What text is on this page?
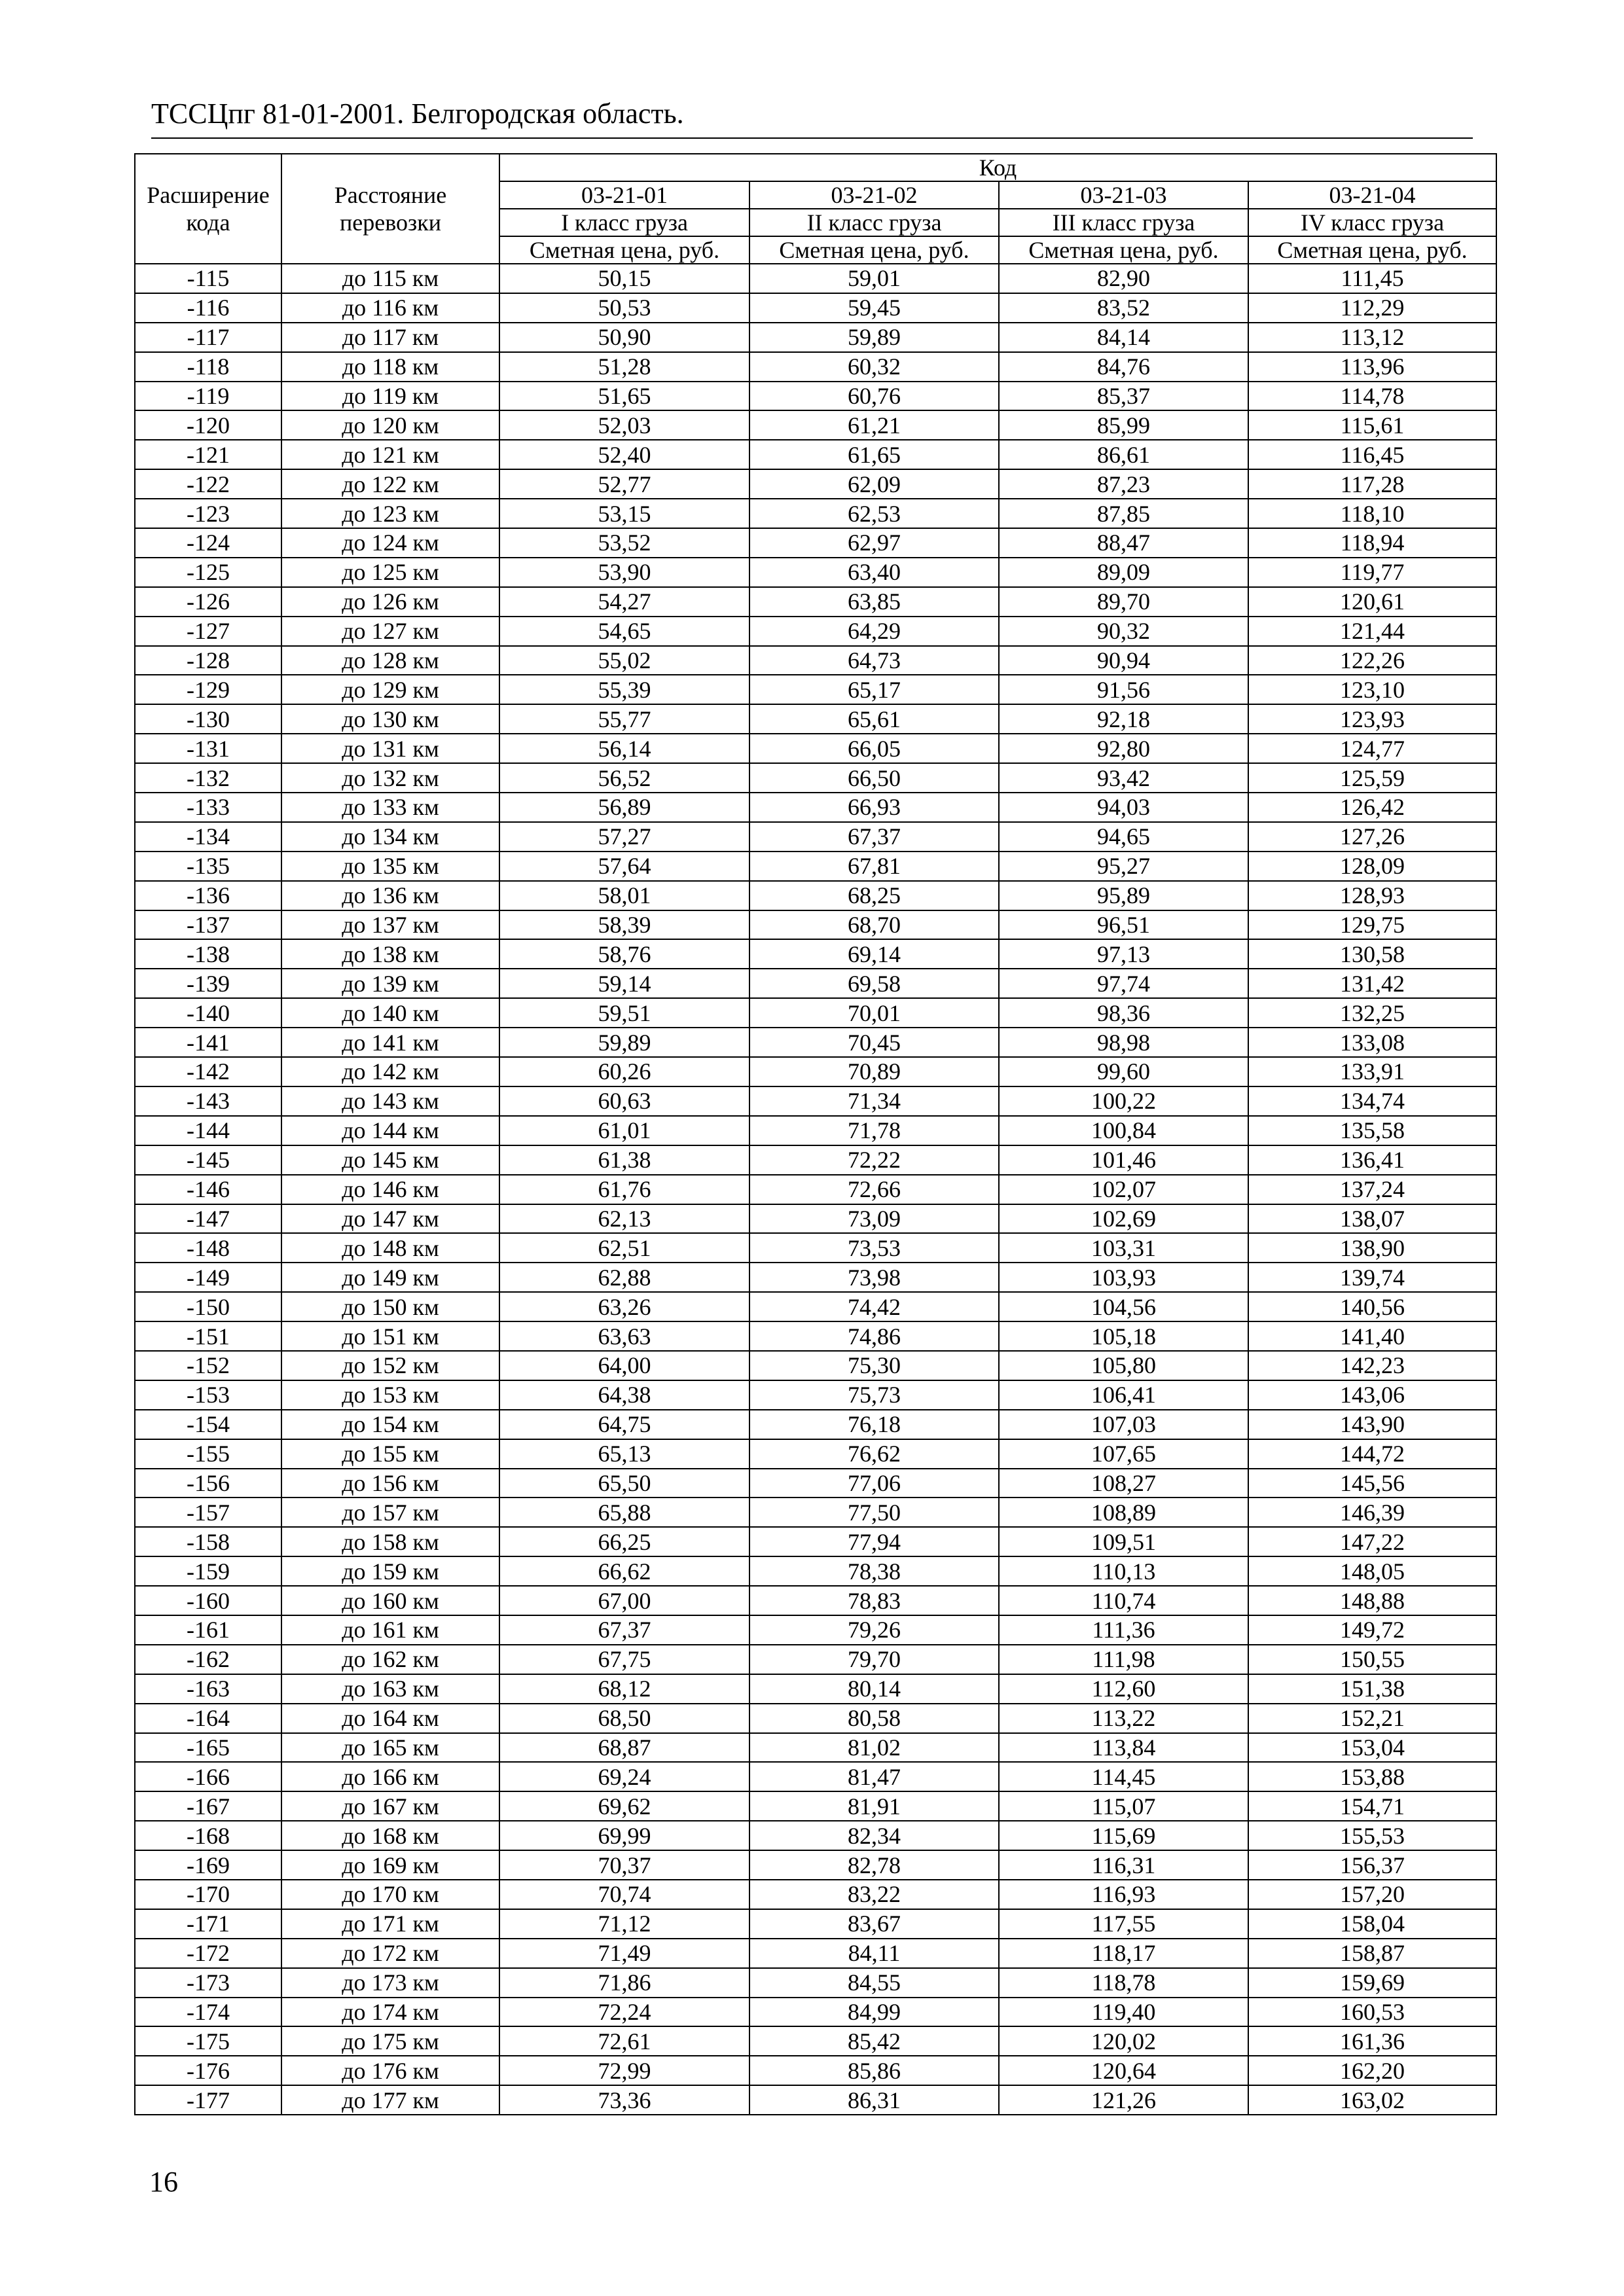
ТССЦпг 81-01-2001. Белгородская область.
Расширение кода	Расстояние перевозки	Код			
		03-21-01	03-21-02	03-21-03	03-21-04
		I класс груза	II класс груза	III класс груза	IV класс груза
		Сметная цена, руб.	Сметная цена, руб.	Сметная цена, руб.	Сметная цена, руб.
-115	до 115 км	50,15	59,01	82,90	111,45
-116	до 116 км	50,53	59,45	83,52	112,29
-117	до 117 км	50,90	59,89	84,14	113,12
-118	до 118 км	51,28	60,32	84,76	113,96
-119	до 119 км	51,65	60,76	85,37	114,78
-120	до 120 км	52,03	61,21	85,99	115,61
-121	до 121 км	52,40	61,65	86,61	116,45
-122	до 122 км	52,77	62,09	87,23	117,28
-123	до 123 км	53,15	62,53	87,85	118,10
-124	до 124 км	53,52	62,97	88,47	118,94
-125	до 125 км	53,90	63,40	89,09	119,77
-126	до 126 км	54,27	63,85	89,70	120,61
-127	до 127 км	54,65	64,29	90,32	121,44
-128	до 128 км	55,02	64,73	90,94	122,26
-129	до 129 км	55,39	65,17	91,56	123,10
-130	до 130 км	55,77	65,61	92,18	123,93
-131	до 131 км	56,14	66,05	92,80	124,77
-132	до 132 км	56,52	66,50	93,42	125,59
-133	до 133 км	56,89	66,93	94,03	126,42
-134	до 134 км	57,27	67,37	94,65	127,26
-135	до 135 км	57,64	67,81	95,27	128,09
-136	до 136 км	58,01	68,25	95,89	128,93
-137	до 137 км	58,39	68,70	96,51	129,75
-138	до 138 км	58,76	69,14	97,13	130,58
-139	до 139 км	59,14	69,58	97,74	131,42
-140	до 140 км	59,51	70,01	98,36	132,25
-141	до 141 км	59,89	70,45	98,98	133,08
-142	до 142 км	60,26	70,89	99,60	133,91
-143	до 143 км	60,63	71,34	100,22	134,74
-144	до 144 км	61,01	71,78	100,84	135,58
-145	до 145 км	61,38	72,22	101,46	136,41
-146	до 146 км	61,76	72,66	102,07	137,24
-147	до 147 км	62,13	73,09	102,69	138,07
-148	до 148 км	62,51	73,53	103,31	138,90
-149	до 149 км	62,88	73,98	103,93	139,74
-150	до 150 км	63,26	74,42	104,56	140,56
-151	до 151 км	63,63	74,86	105,18	141,40
-152	до 152 км	64,00	75,30	105,80	142,23
-153	до 153 км	64,38	75,73	106,41	143,06
-154	до 154 км	64,75	76,18	107,03	143,90
-155	до 155 км	65,13	76,62	107,65	144,72
-156	до 156 км	65,50	77,06	108,27	145,56
-157	до 157 км	65,88	77,50	108,89	146,39
-158	до 158 км	66,25	77,94	109,51	147,22
-159	до 159 км	66,62	78,38	110,13	148,05
-160	до 160 км	67,00	78,83	110,74	148,88
-161	до 161 км	67,37	79,26	111,36	149,72
-162	до 162 км	67,75	79,70	111,98	150,55
-163	до 163 км	68,12	80,14	112,60	151,38
-164	до 164 км	68,50	80,58	113,22	152,21
-165	до 165 км	68,87	81,02	113,84	153,04
-166	до 166 км	69,24	81,47	114,45	153,88
-167	до 167 км	69,62	81,91	115,07	154,71
-168	до 168 км	69,99	82,34	115,69	155,53
-169	до 169 км	70,37	82,78	116,31	156,37
-170	до 170 км	70,74	83,22	116,93	157,20
-171	до 171 км	71,12	83,67	117,55	158,04
-172	до 172 км	71,49	84,11	118,17	158,87
-173	до 173 км	71,86	84,55	118,78	159,69
-174	до 174 км	72,24	84,99	119,40	160,53
-175	до 175 км	72,61	85,42	120,02	161,36
-176	до 176 км	72,99	85,86	120,64	162,20
-177	до 177 км	73,36	86,31	121,26	163,02
16
